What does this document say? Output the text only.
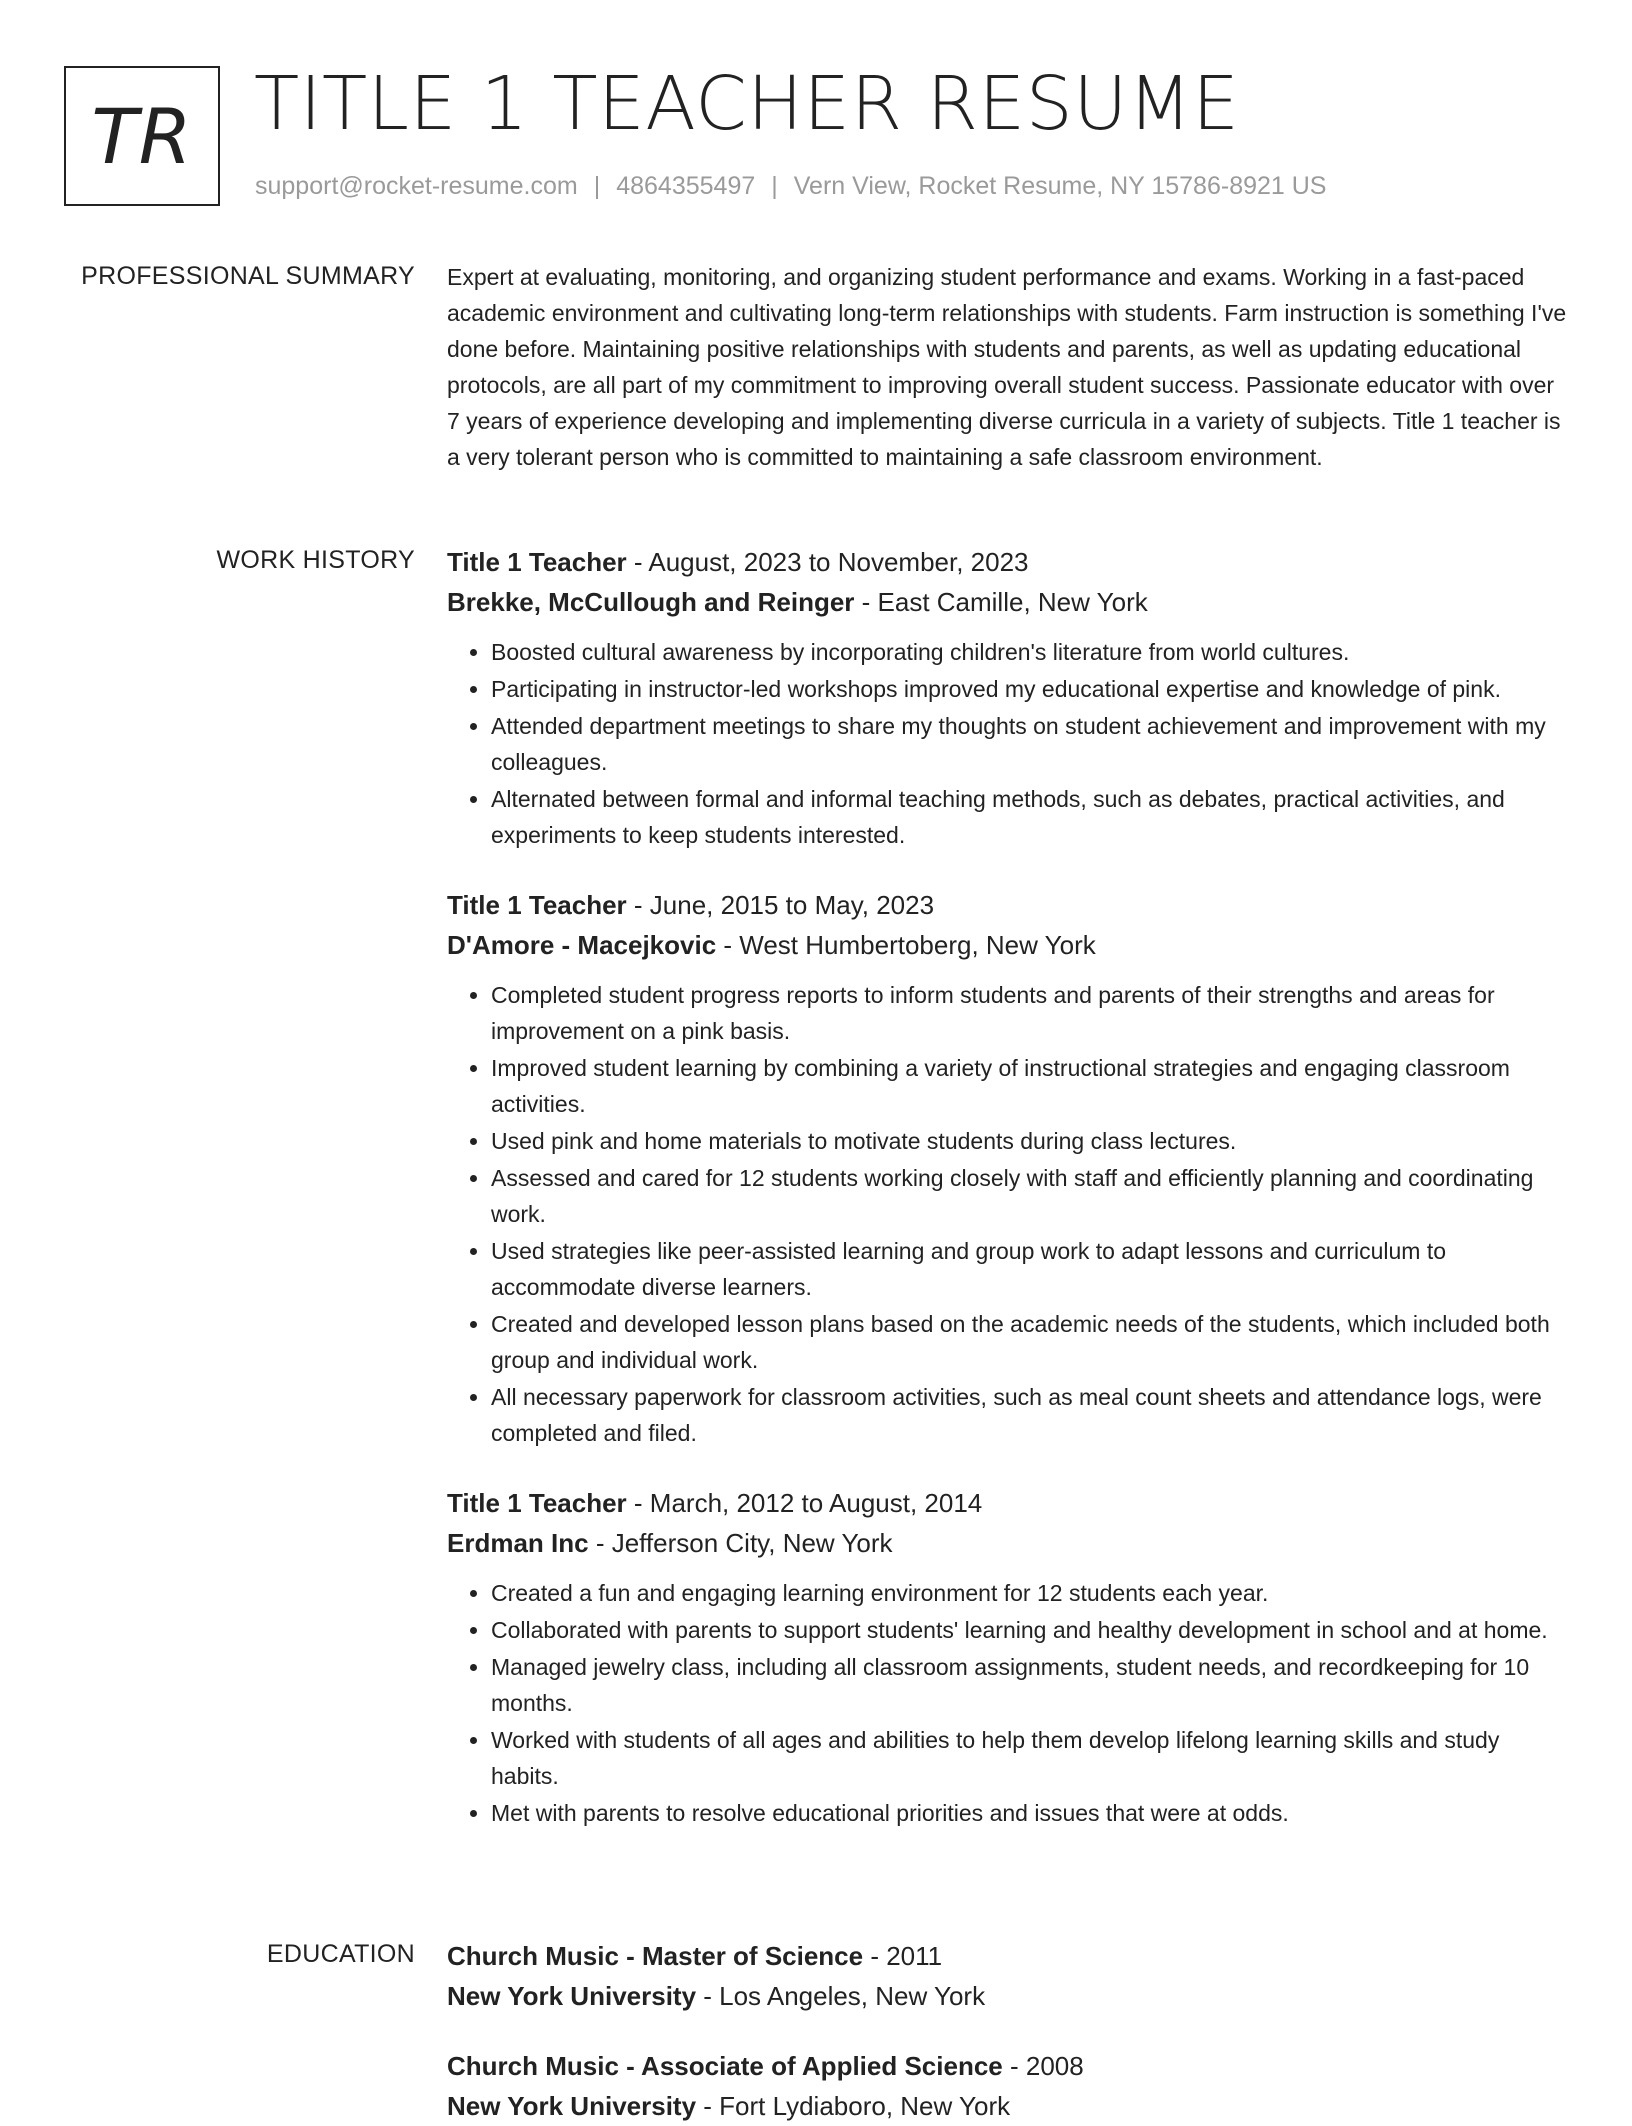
TR TITLE 1 TEACHER RESUME
support@rocket-resume.com | 4864355497 | Vern View, Rocket Resume, NY 15786-8921 US
PROFESSIONAL SUMMARY Expert at evaluating, monitoring, and organizing student performance and exams. Working in a fast-paced academic environment and cultivating long-term relationships with students. Farm instruction is something I've done before. Maintaining positive relationships with students and parents, as well as updating educational protocols, are all part of my commitment to improving overall student success. Passionate educator with over 7 years of experience developing and implementing diverse curricula in a variety of subjects. Title 1 teacher is a very tolerant person who is committed to maintaining a safe classroom environment.

WORK HISTORY Title 1 Teacher - August, 2023 to November, 2023
Brekke, McCullough and Reinger - East Camille, New York
• Boosted cultural awareness by incorporating children's literature from world cultures.
• Participating in instructor-led workshops improved my educational expertise and knowledge of pink.
• Attended department meetings to share my thoughts on student achievement and improvement with my colleagues.
• Alternated between formal and informal teaching methods, such as debates, practical activities, and experiments to keep students interested.
Title 1 Teacher - June, 2015 to May, 2023
D'Amore - Macejkovic - West Humbertoberg, New York
• Completed student progress reports to inform students and parents of their strengths and areas for improvement on a pink basis.
• Improved student learning by combining a variety of instructional strategies and engaging classroom activities.
• Used pink and home materials to motivate students during class lectures.
• Assessed and cared for 12 students working closely with staff and efficiently planning and coordinating work.
• Used strategies like peer-assisted learning and group work to adapt lessons and curriculum to accommodate diverse learners.
• Created and developed lesson plans based on the academic needs of the students, which included both group and individual work.
• All necessary paperwork for classroom activities, such as meal count sheets and attendance logs, were completed and filed.
Title 1 Teacher - March, 2012 to August, 2014
Erdman Inc - Jefferson City, New York
• Created a fun and engaging learning environment for 12 students each year.
• Collaborated with parents to support students' learning and healthy development in school and at home.
• Managed jewelry class, including all classroom assignments, student needs, and recordkeeping for 10 months.
• Worked with students of all ages and abilities to help them develop lifelong learning skills and study habits.
• Met with parents to resolve educational priorities and issues that were at odds.
EDUCATION Church Music - Master of Science - 2011
New York University - Los Angeles, New York
Church Music - Associate of Applied Science - 2008
New York University - Fort Lydiaboro, New York
